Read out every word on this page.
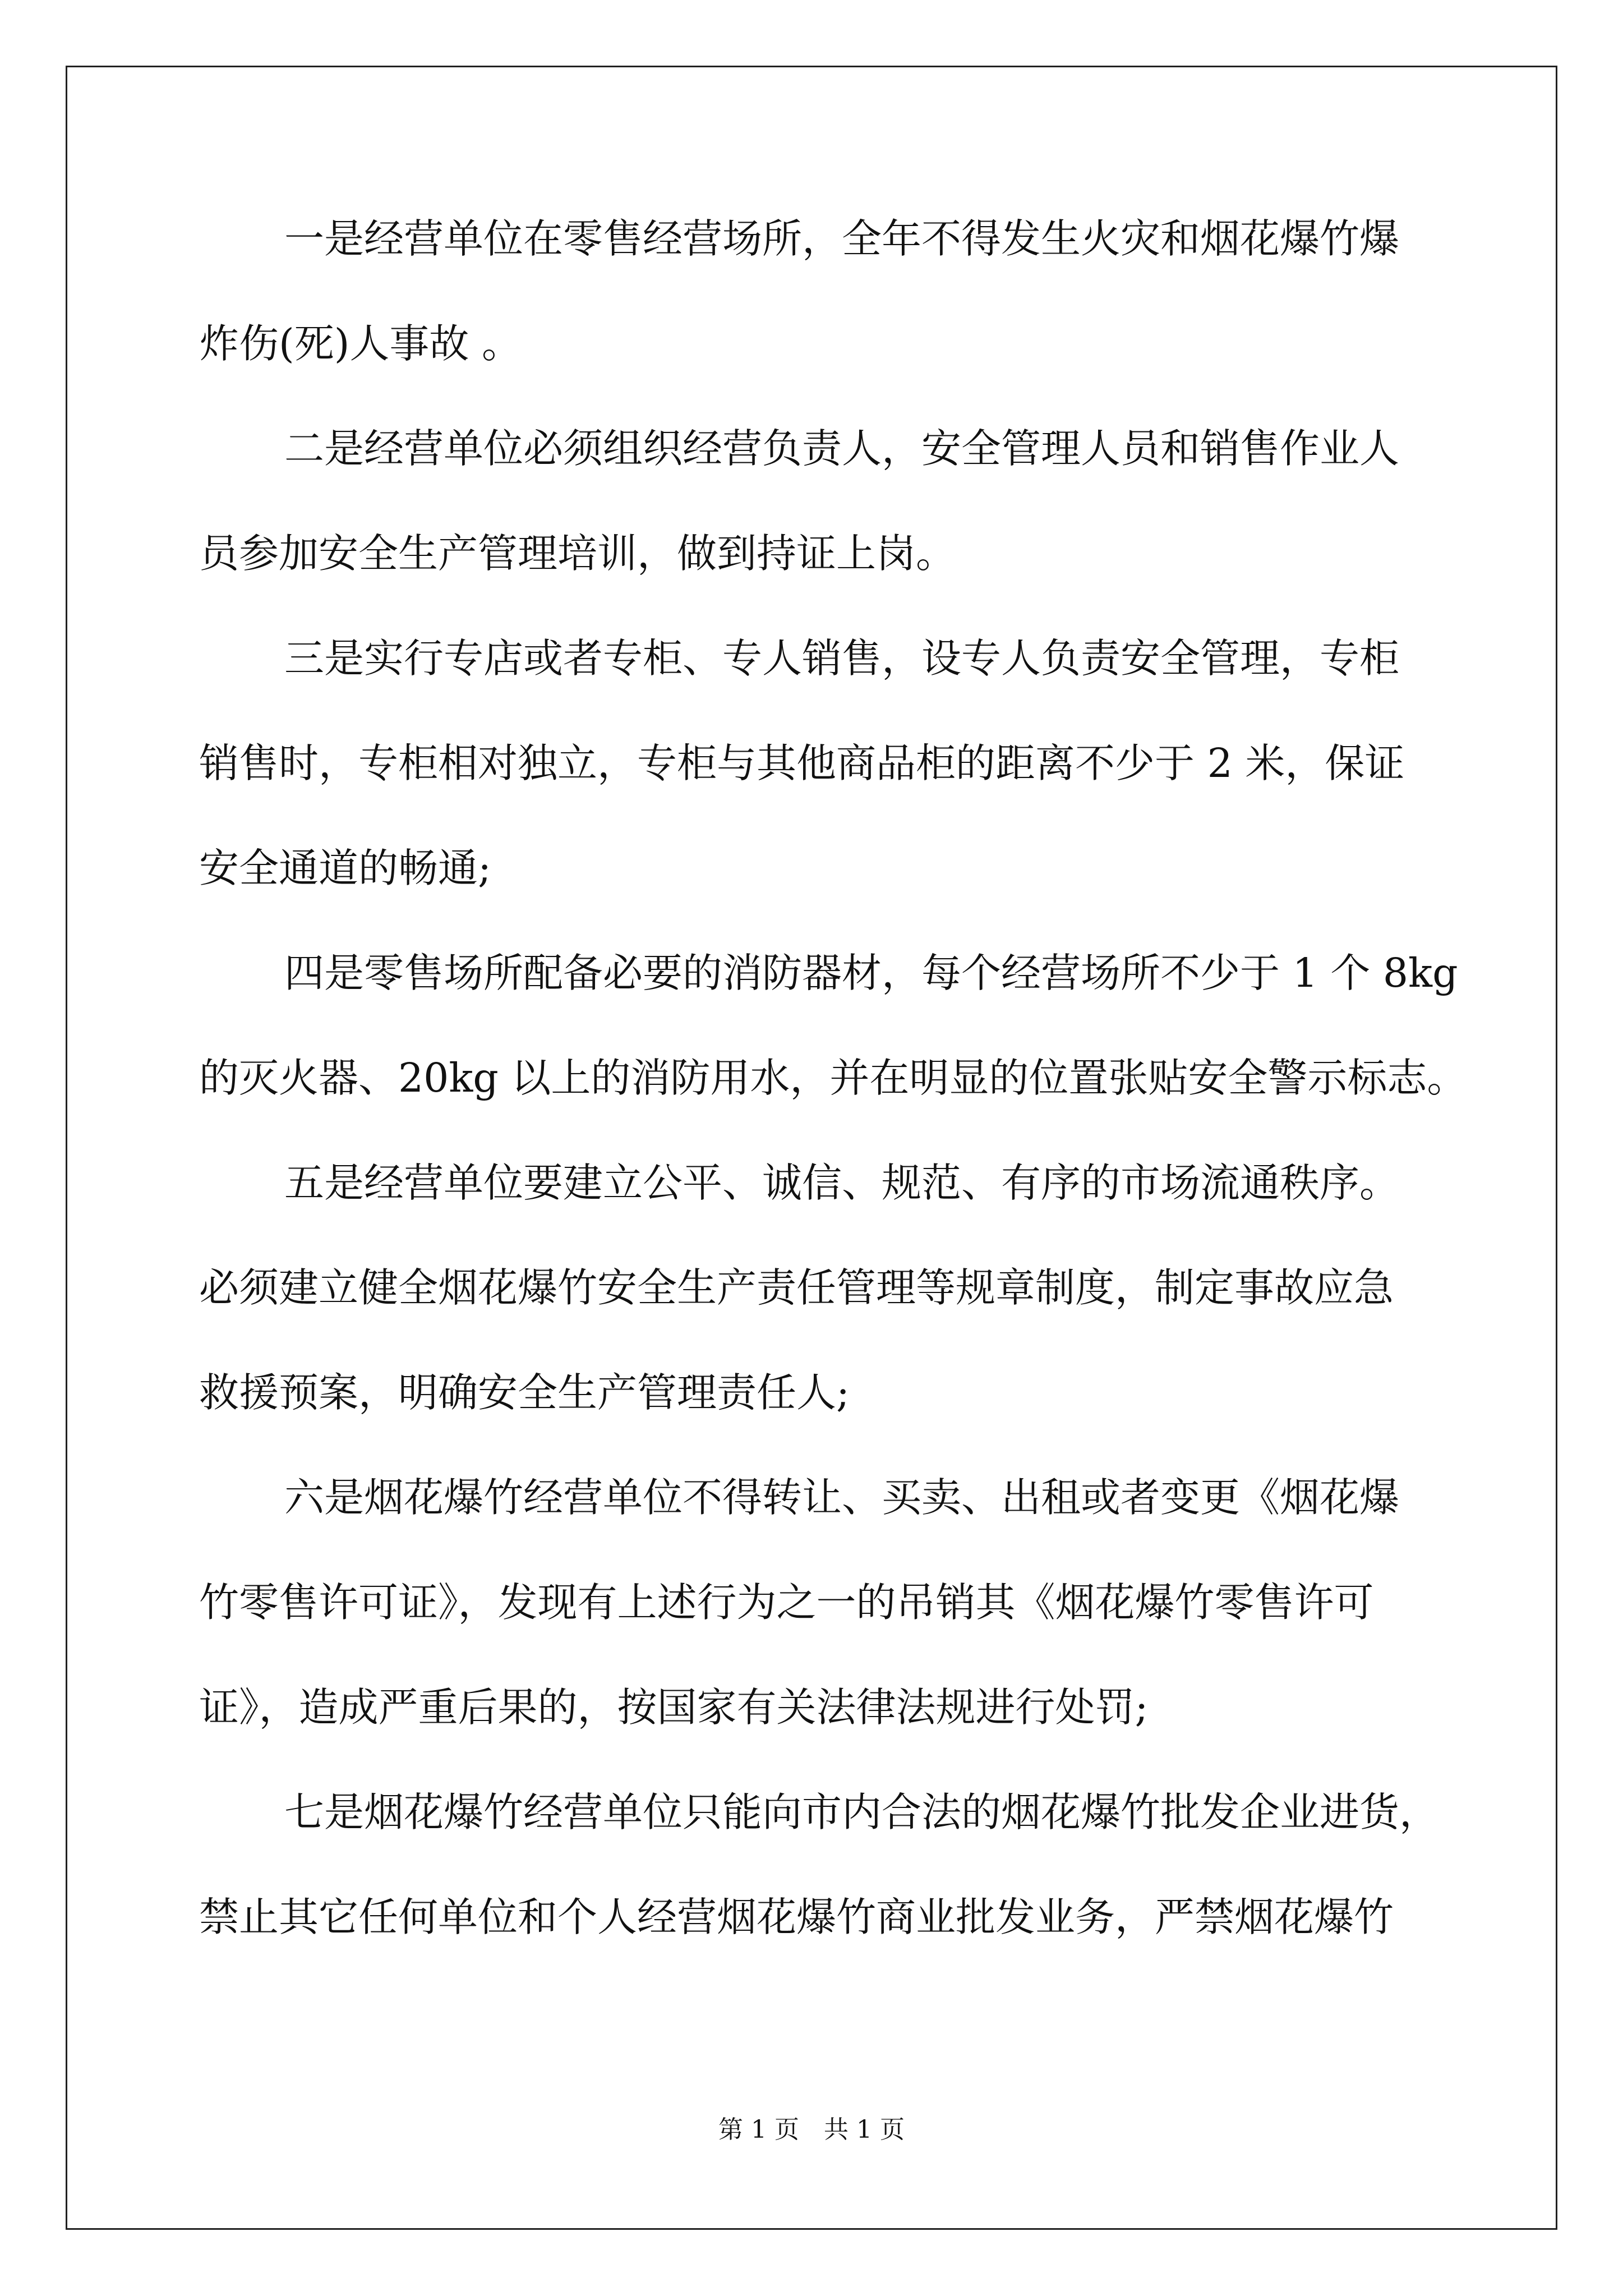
一是经营单位在零售经营场所，全年不得发生火灾和烟花爆竹爆
炸伤(死)人事故 。
二是经营单位必须组织经营负责人，安全管理人员和销售作业人
员参加安全生产管理培训，做到持证上岗。
三是实行专店或者专柜、专人销售，设专人负责安全管理，专柜
销售时，专柜相对独立，专柜与其他商品柜的距离不少于 2 米，保证
安全通道的畅通;
四是零售场所配备必要的消防器材，每个经营场所不少于 1 个 8kg
的灭火器、20kg 以上的消防用水，并在明显的位置张贴安全警示标志。
五是经营单位要建立公平、诚信、规范、有序的市场流通秩序。
必须建立健全烟花爆竹安全生产责任管理等规章制度，制定事故应急
救援预案，明确安全生产管理责任人;
六是烟花爆竹经营单位不得转让、买卖、出租或者变更《烟花爆
竹零售许可证》，发现有上述行为之一的吊销其《烟花爆竹零售许可
证》，造成严重后果的，按国家有关法律法规进行处罚;
七是烟花爆竹经营单位只能向市内合法的烟花爆竹批发企业进货，
禁止其它任何单位和个人经营烟花爆竹商业批发业务，严禁烟花爆竹
第 1 页　共 1 页
